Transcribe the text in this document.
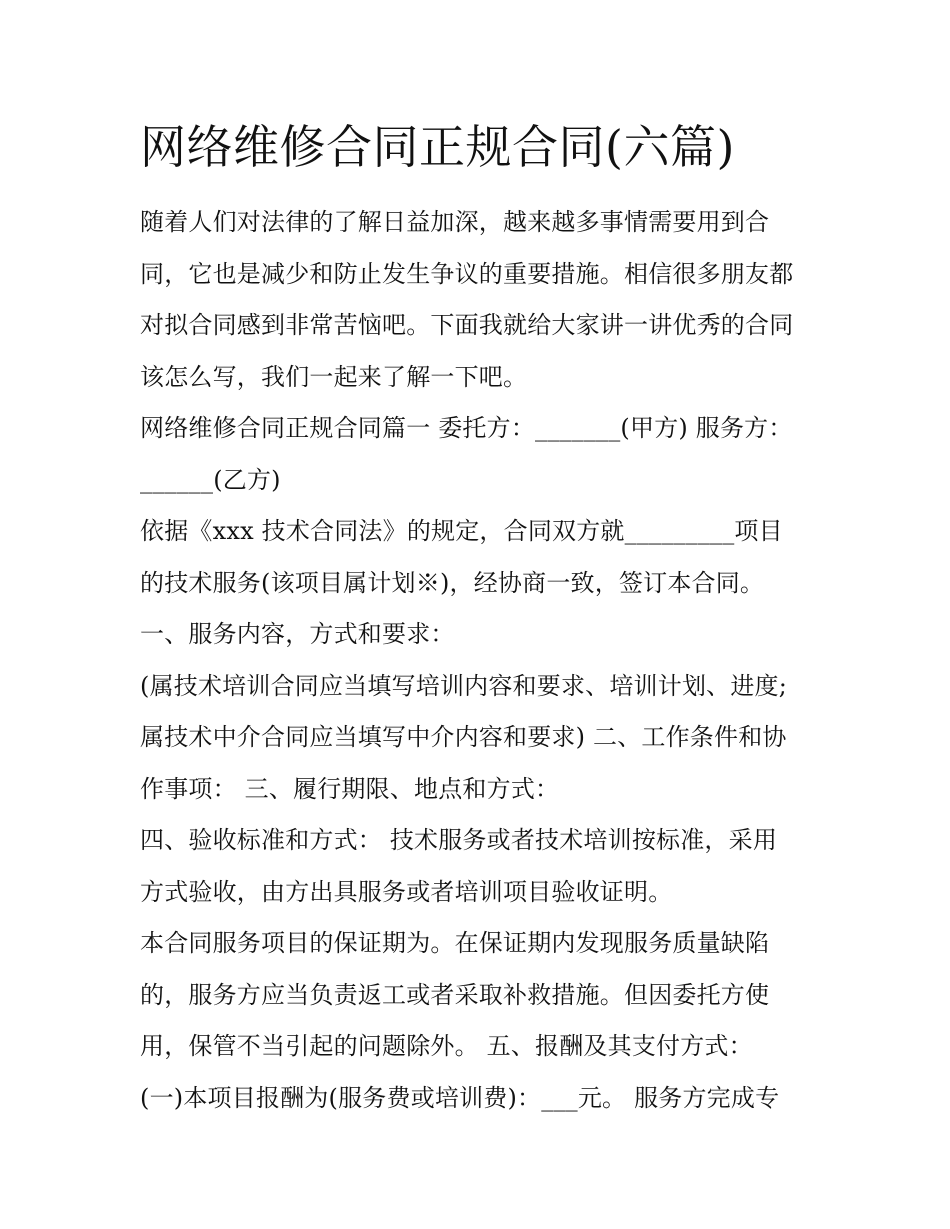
网络维修合同正规合同(六篇)
随着人们对法律的了解日益加深，越来越多事情需要用到合
同，它也是减少和防止发生争议的重要措施。相信很多朋友都
对拟合同感到非常苦恼吧。下面我就给大家讲一讲优秀的合同
该怎么写，我们一起来了解一下吧。
网络维修合同正规合同篇一 委托方：_______(甲方) 服务方：
______(乙方)
依据《xxx 技术合同法》的规定，合同双方就_________项目
的技术服务(该项目属计划※)，经协商一致，签订本合同。
一、服务内容，方式和要求：
(属技术培训合同应当填写培训内容和要求、培训计划、进度;
属技术中介合同应当填写中介内容和要求) 二、工作条件和协
作事项： 三、履行期限、地点和方式：
四、验收标准和方式： 技术服务或者技术培训按标准，采用
方式验收，由方出具服务或者培训项目验收证明。
本合同服务项目的保证期为。在保证期内发现服务质量缺陷
的，服务方应当负责返工或者采取补救措施。但因委托方使
用，保管不当引起的问题除外。 五、报酬及其支付方式：
(一)本项目报酬为(服务费或培训费)：___元。 服务方完成专
